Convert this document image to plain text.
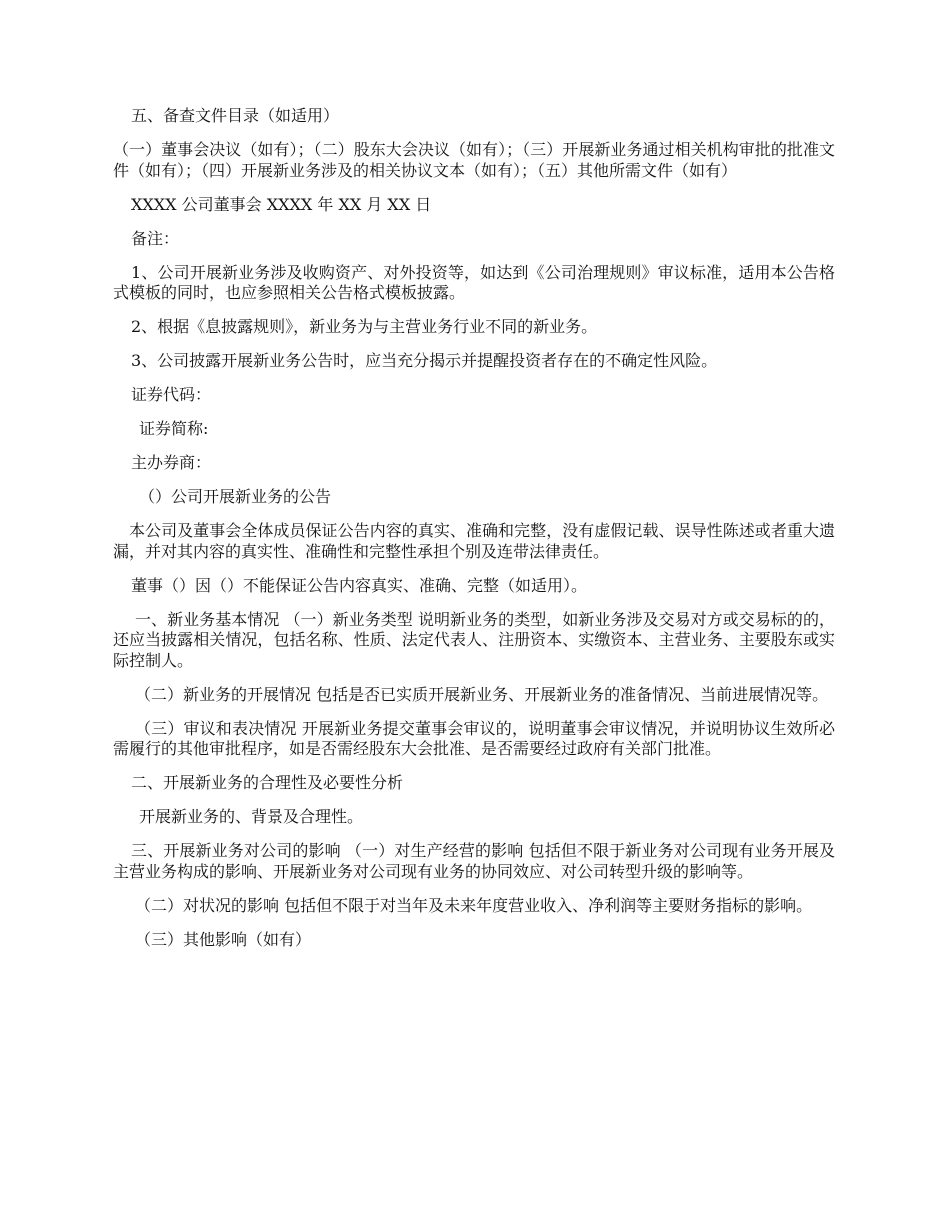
五、备查文件目录（如适用）

（一）董事会决议（如有）；（二）股东大会决议（如有）；（三）开展新业务通过相关机构审批的批准文件（如有）；（四）开展新业务涉及的相关协议文本（如有）；（五）其他所需文件（如有）

XXXX 公司董事会 XXXX 年 XX 月 XX 日

备注：

1、公司开展新业务涉及收购资产、对外投资等，如达到《公司治理规则》审议标准，适用本公告格式模板的同时，也应参照相关公告格式模板披露。

2、根据《息披露规则》，新业务为与主营业务行业不同的新业务。

3、公司披露开展新业务公告时，应当充分揭示并提醒投资者存在的不确定性风险。

证券代码：

证券简称:

主办券商：

（）公司开展新业务的公告

本公司及董事会全体成员保证公告内容的真实、准确和完整，没有虚假记载、误导性陈述或者重大遗漏，并对其内容的真实性、准确性和完整性承担个别及连带法律责任。

董事（）因（）不能保证公告内容真实、准确、完整（如适用）。

一、新业务基本情况 （一）新业务类型 说明新业务的类型，如新业务涉及交易对方或交易标的的，还应当披露相关情况，包括名称、性质、法定代表人、注册资本、实缴资本、主营业务、主要股东或实际控制人。

（二）新业务的开展情况 包括是否已实质开展新业务、开展新业务的准备情况、当前进展情况等。

（三）审议和表决情况 开展新业务提交董事会审议的，说明董事会审议情况，并说明协议生效所必需履行的其他审批程序，如是否需经股东大会批准、是否需要经过政府有关部门批准。

二、开展新业务的合理性及必要性分析

开展新业务的、背景及合理性。

三、开展新业务对公司的影响 （一）对生产经营的影响 包括但不限于新业务对公司现有业务开展及主营业务构成的影响、开展新业务对公司现有业务的协同效应、对公司转型升级的影响等。

（二）对状况的影响 包括但不限于对当年及未来年度营业收入、净利润等主要财务指标的影响。

（三）其他影响（如有）
